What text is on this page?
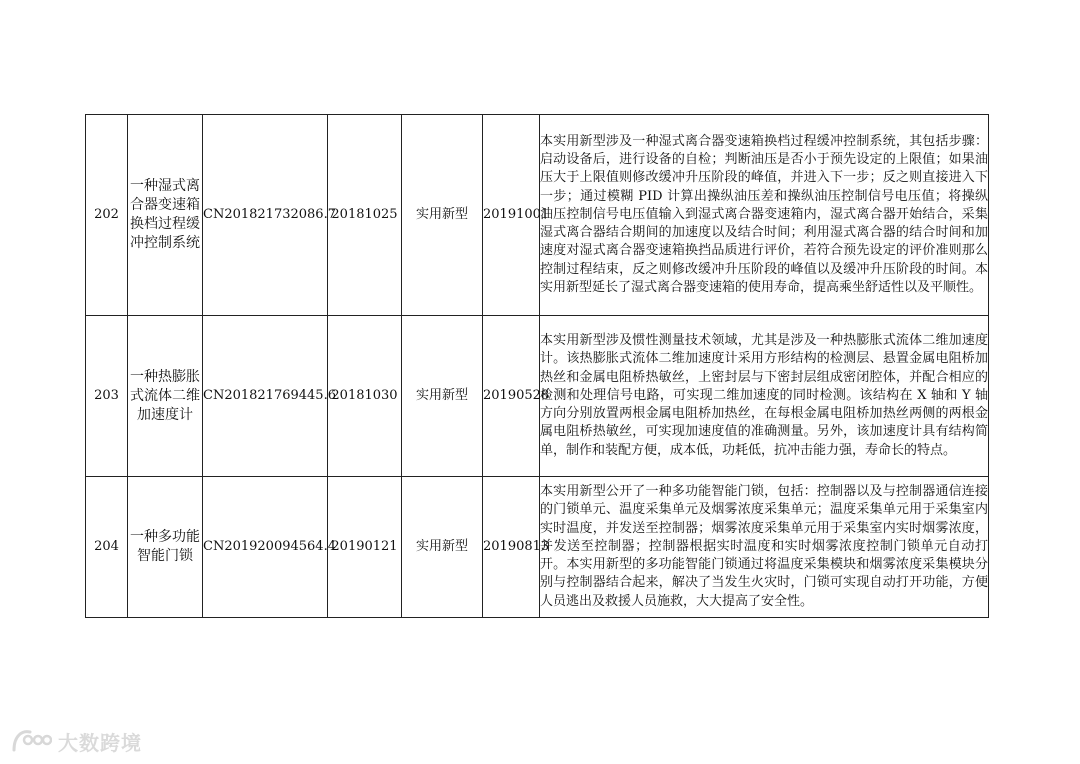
202	一种湿式离合器变速箱换档过程缓冲控制系统	CN201821732086.7	20181025	实用新型	20191001	本实用新型涉及一种湿式离合器变速箱换档过程缓冲控制系统，其包括步骤：启动设备后，进行设备的自检；判断油压是否小于预先设定的上限值；如果油压大于上限值则修改缓冲升压阶段的峰值，并进入下一步；反之则直接进入下一步；通过模糊 PID 计算出操纵油压差和操纵油压控制信号电压值；将操纵油压控制信号电压值输入到湿式离合器变速箱内，湿式离合器开始结合，采集湿式离合器结合期间的加速度以及结合时间；利用湿式离合器的结合时间和加速度对湿式离合器变速箱换挡品质进行评价，若符合预先设定的评价准则那么控制过程结束，反之则修改缓冲升压阶段的峰值以及缓冲升压阶段的时间。本实用新型延长了湿式离合器变速箱的使用寿命，提高乘坐舒适性以及平顺性。
203	一种热膨胀式流体二维加速度计	CN201821769445.6	20181030	实用新型	20190528	本实用新型涉及惯性测量技术领域，尤其是涉及一种热膨胀式流体二维加速度计。该热膨胀式流体二维加速度计采用方形结构的检测层、悬置金属电阻桥加热丝和金属电阻桥热敏丝，上密封层与下密封层组成密闭腔体，并配合相应的检测和处理信号电路，可实现二维加速度的同时检测。该结构在 X 轴和 Y 轴方向分别放置两根金属电阻桥加热丝，在每根金属电阻桥加热丝两侧的两根金属电阻桥热敏丝，可实现加速度值的准确测量。另外，该加速度计具有结构简单，制作和装配方便，成本低，功耗低，抗冲击能力强，寿命长的特点。
204	一种多功能智能门锁	CN201920094564.4	20190121	实用新型	20190813	本实用新型公开了一种多功能智能门锁，包括：控制器以及与控制器通信连接的门锁单元、温度采集单元及烟雾浓度采集单元；温度采集单元用于采集室内实时温度，并发送至控制器；烟雾浓度采集单元用于采集室内实时烟雾浓度，并发送至控制器；控制器根据实时温度和实时烟雾浓度控制门锁单元自动打开。本实用新型的多功能智能门锁通过将温度采集模块和烟雾浓度采集模块分别与控制器结合起来，解决了当发生火灾时，门锁可实现自动打开功能，方便人员逃出及救援人员施救，大大提高了安全性。
大数跨境
